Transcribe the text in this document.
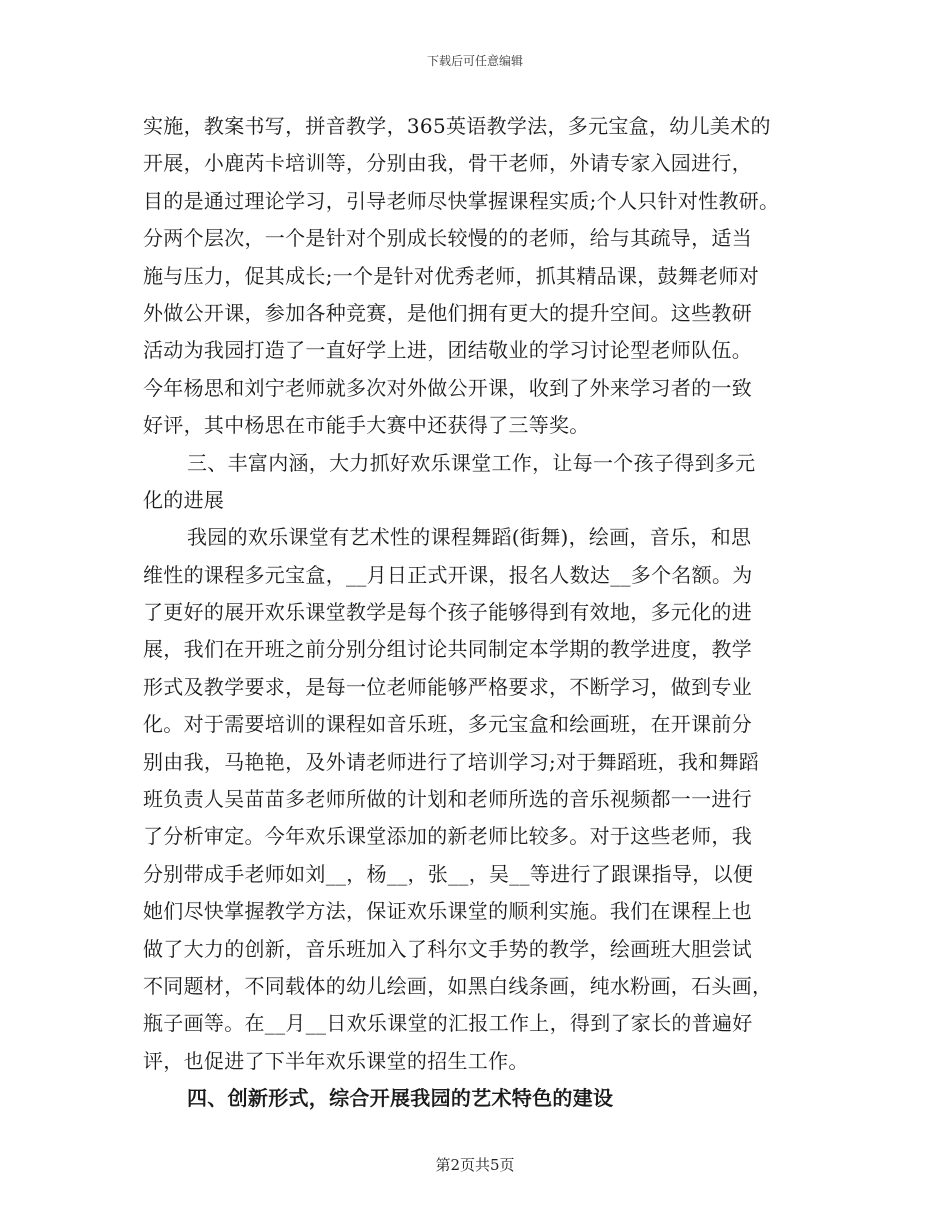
下载后可任意编辑
实施，教案书写，拼音教学，365英语教学法，多元宝盒，幼儿美术的
开展，小鹿芮卡培训等，分别由我，骨干老师，外请专家入园进行，
目的是通过理论学习，引导老师尽快掌握课程实质;个人只针对性教研。
分两个层次，一个是针对个别成长较慢的的老师，给与其疏导，适当
施与压力，促其成长;一个是针对优秀老师，抓其精品课，鼓舞老师对
外做公开课，参加各种竞赛，是他们拥有更大的提升空间。这些教研
活动为我园打造了一直好学上进，团结敬业的学习讨论型老师队伍。
今年杨思和刘宁老师就多次对外做公开课，收到了外来学习者的一致
好评，其中杨思在市能手大赛中还获得了三等奖。
三、丰富内涵，大力抓好欢乐课堂工作，让每一个孩子得到多元
化的进展
我园的欢乐课堂有艺术性的课程舞蹈(街舞)，绘画，音乐，和思
维性的课程多元宝盒，__月日正式开课，报名人数达__多个名额。为
了更好的展开欢乐课堂教学是每个孩子能够得到有效地，多元化的进
展，我们在开班之前分别分组讨论共同制定本学期的教学进度，教学
形式及教学要求，是每一位老师能够严格要求，不断学习，做到专业
化。对于需要培训的课程如音乐班，多元宝盒和绘画班，在开课前分
别由我，马艳艳，及外请老师进行了培训学习;对于舞蹈班，我和舞蹈
班负责人吴苗苗多老师所做的计划和老师所选的音乐视频都一一进行
了分析审定。今年欢乐课堂添加的新老师比较多。对于这些老师，我
分别带成手老师如刘__，杨__，张__，吴__等进行了跟课指导，以便
她们尽快掌握教学方法，保证欢乐课堂的顺利实施。我们在课程上也
做了大力的创新，音乐班加入了科尔文手势的教学，绘画班大胆尝试
不同题材，不同载体的幼儿绘画，如黑白线条画，纯水粉画，石头画，
瓶子画等。在__月__日欢乐课堂的汇报工作上，得到了家长的普遍好
评，也促进了下半年欢乐课堂的招生工作。
四、创新形式，综合开展我园的艺术特色的建设
第2页共5页
